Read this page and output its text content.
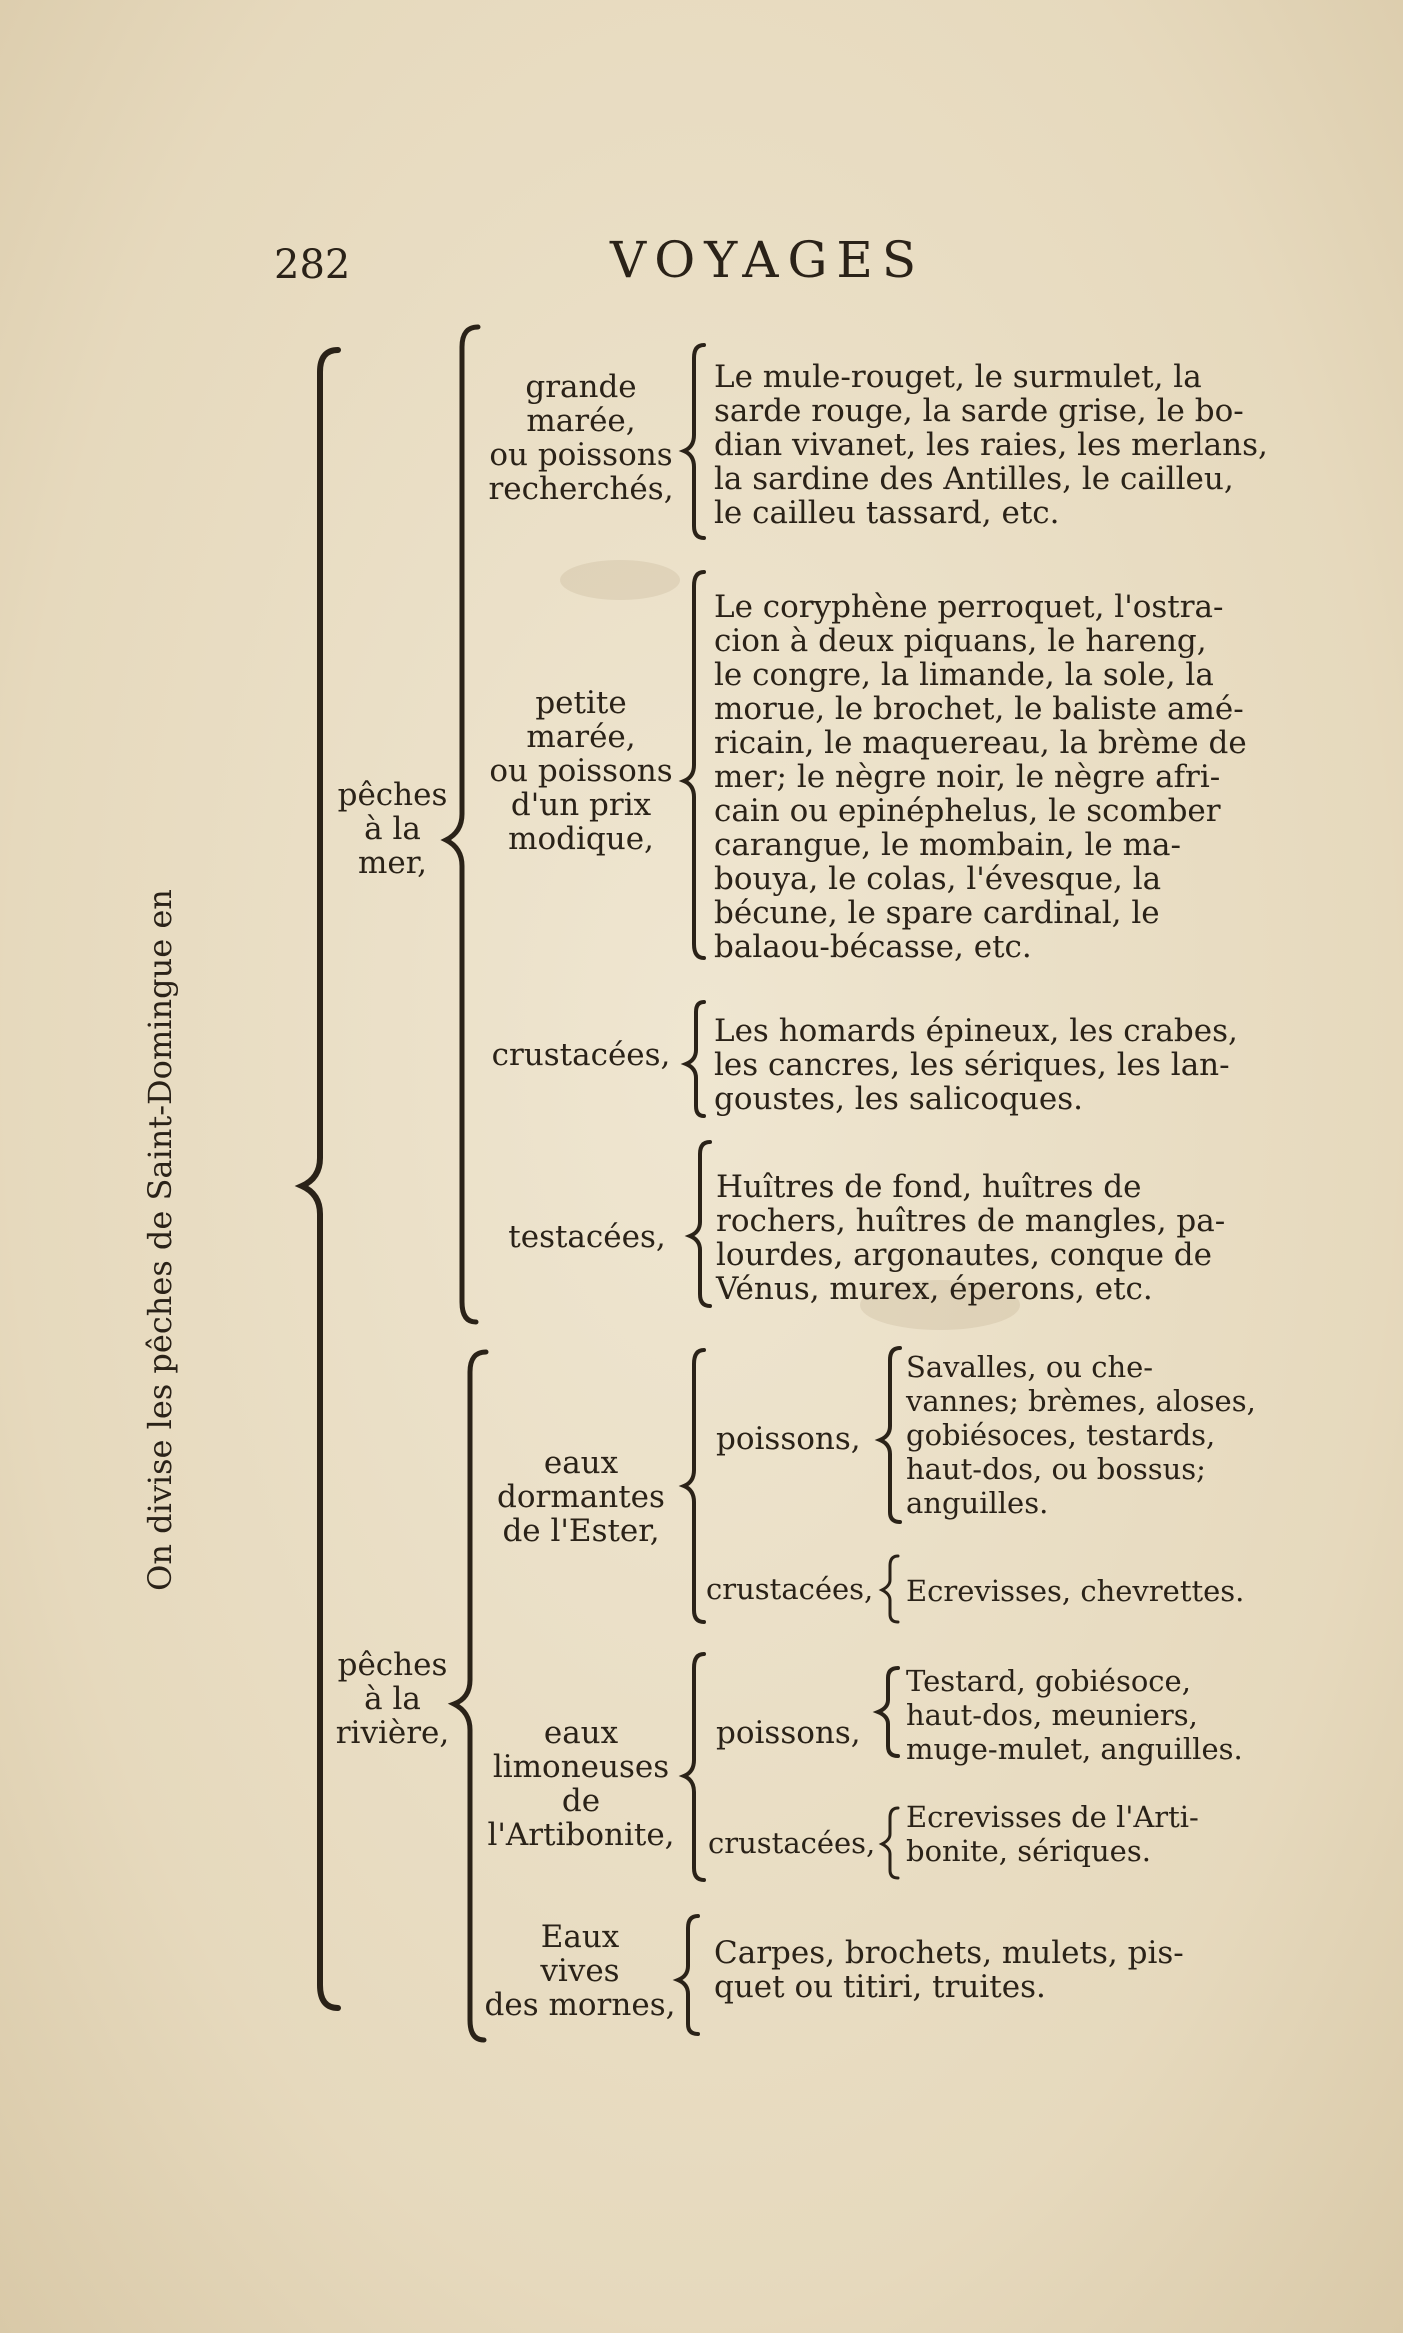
282	VOYAGES
On divise les pêches de Saint-Domingue en
pêches
à la
mer,
pêches
à la
rivière,
grande
marée,
ou poissons
recherchés,
Le mule-rouget, le surmulet, la
sarde rouge, la sarde grise, le bo-
dian vivanet, les raies, les merlans,
la sardine des Antilles, le cailleu,
le cailleu tassard, etc.
petite
marée,
ou poissons
d'un prix
modique,
Le coryphène perroquet, l'ostra-
cion à deux piquans, le hareng,
le congre, la limande, la sole, la
morue, le brochet, le baliste amé-
ricain, le maquereau, la brème de
mer; le nègre noir, le nègre afri-
cain ou epinéphelus, le scomber
carangue, le mombain, le ma-
bouya, le colas, l'évesque, la
bécune, le spare cardinal, le
balaou-bécasse, etc.
crustacées,
Les homards épineux, les crabes,
les cancres, les sériques, les lan-
goustes, les salicoques.
testacées,
Huîtres de fond, huîtres de
rochers, huîtres de mangles, pa-
lourdes, argonautes, conque de
Vénus, murex, éperons, etc.
eaux
dormantes
de l'Ester,
poissons,
Savalles, ou che-
vannes; brèmes, aloses,
gobiésoces, testards,
haut-dos, ou bossus;
anguilles.
crustacées, Ecrevisses, chevrettes.
eaux
limoneuses
de
l'Artibonite,
poissons,
Testard, gobiésoce,
haut-dos, meuniers,
muge-mulet, anguilles.
crustacées,
Ecrevisses de l'Arti-
bonite, sériques.
Eaux
vives
des mornes,
Carpes, brochets, mulets, pis-
quet ou titiri, truites.
